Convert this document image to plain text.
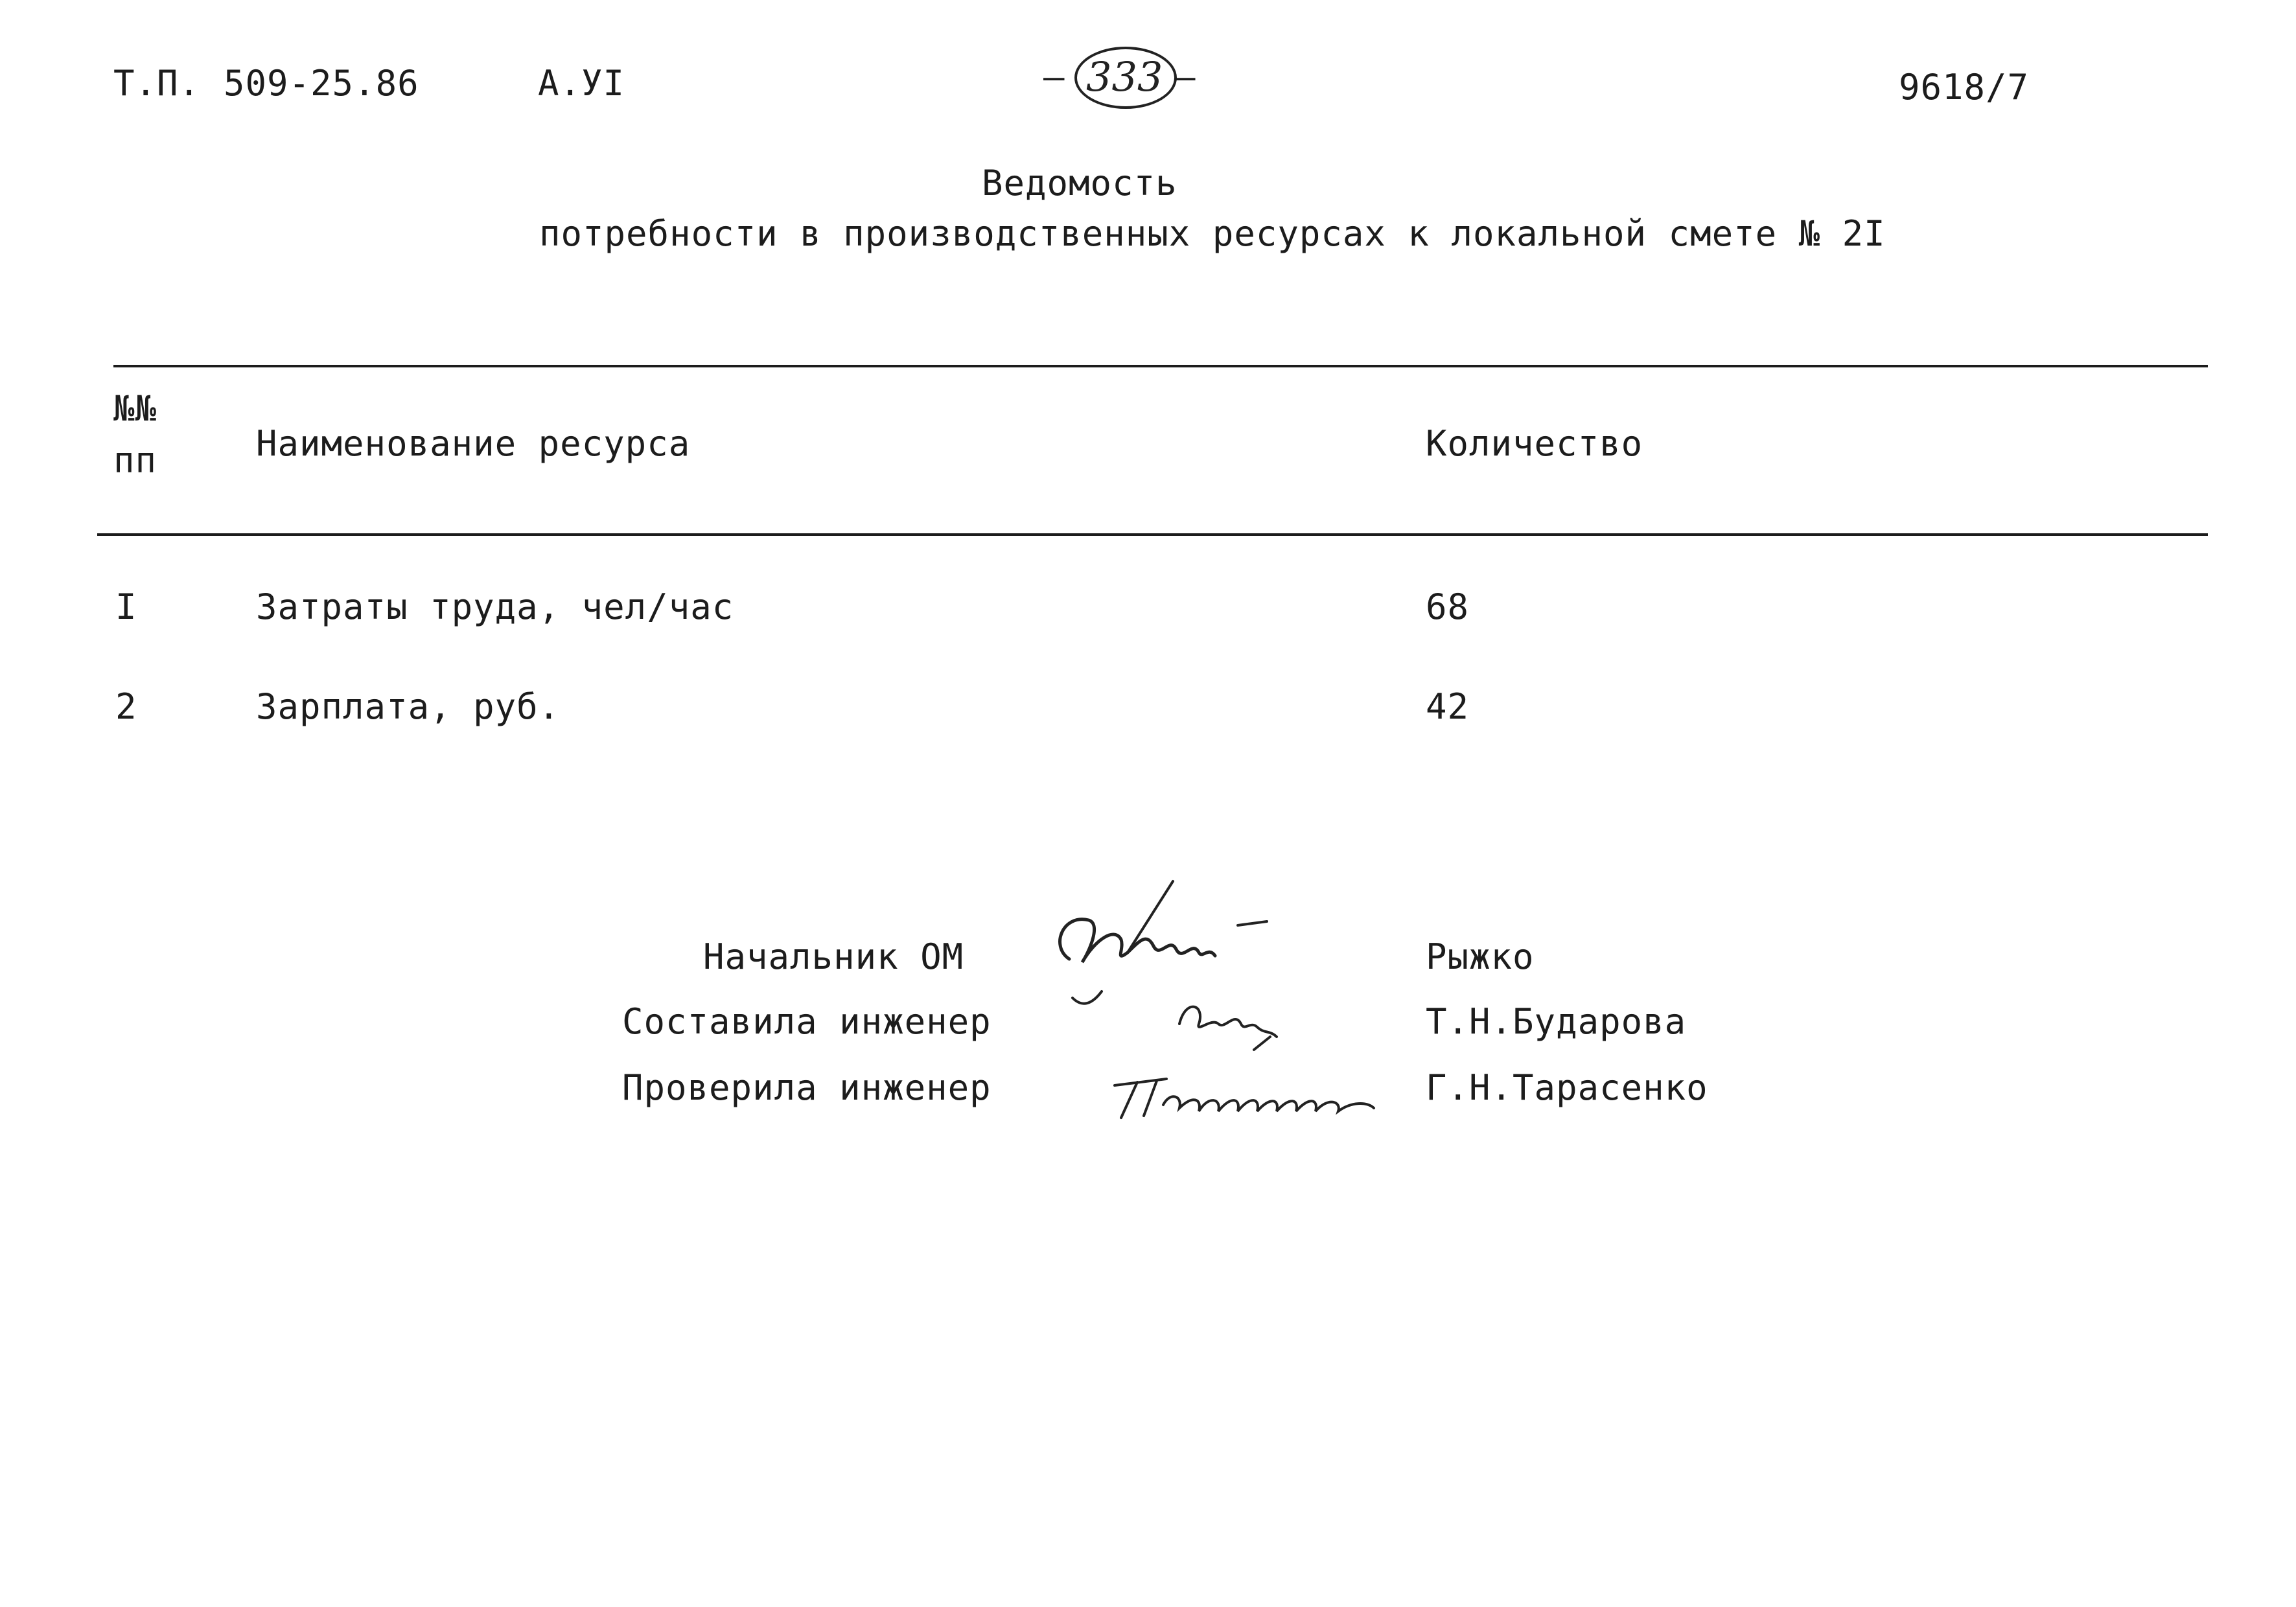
Т.П. 509-25.86	А.УI	– 333 –	9618/7
Ведомость
потребности в производственных ресурсах к локальной смете № 2I
№№
пп	Наименование ресурса	Количество
I	Затраты труда, чел/час	68
2	Зарплата, руб.	42
Начальник ОМ	Рыжко
Составила инженер	Т.Н.Бударова
Проверила инженер	Г.Н.Тарасенко
